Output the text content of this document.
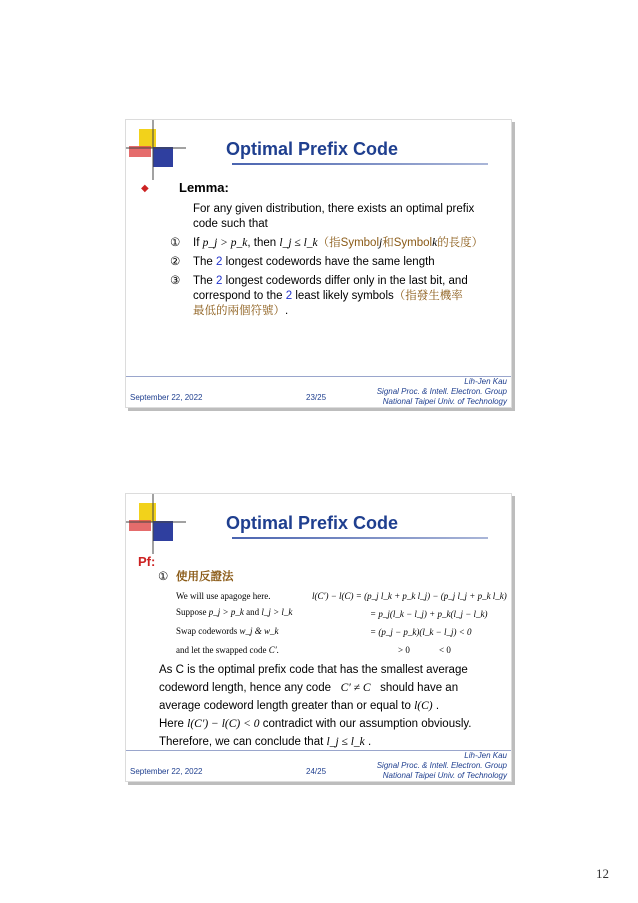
Optimal Prefix Code
◆ Lemma:
For any given distribution, there exists an optimal prefix
code such that
① If p_j > p_k, then l_j ≤ l_k（指Symbolj和Symbolk的長度）
② The 2 longest codewords have the same length
③ The 2 longest codewords differ only in the last bit, and
correspond to the 2 least likely symbols（指發生機率
最低的兩個符號）.
September 22, 2022	23/25
Lih-Jen Kau
Signal Proc. & Intell. Electron. Group
National Taipei Univ. of Technology
Optimal Prefix Code
Pf:
① 使用反證法
We will use apagoge here.
Suppose p_j > p_k and l_j > l_k
Swap codewords w_j & w_k
and let the swapped code C′.
l(C′) − l(C) = (p_j l_k + p_k l_j) − (p_j l_j + p_k l_k)
= p_j(l_k − l_j) + p_k(l_j − l_k)
= (p_j − p_k)(l_k − l_j) < 0
> 0	< 0
As C is the optimal prefix code that has the smallest average
codeword length, hence any code C′ ≠ C should have an
average codeword length greater than or equal to l(C) .
Here l(C′) − l(C) < 0 contradict with our assumption obviously.
Therefore, we can conclude that l_j ≤ l_k .
September 22, 2022	24/25
Lih-Jen Kau
Signal Proc. & Intell. Electron. Group
National Taipei Univ. of Technology
12
